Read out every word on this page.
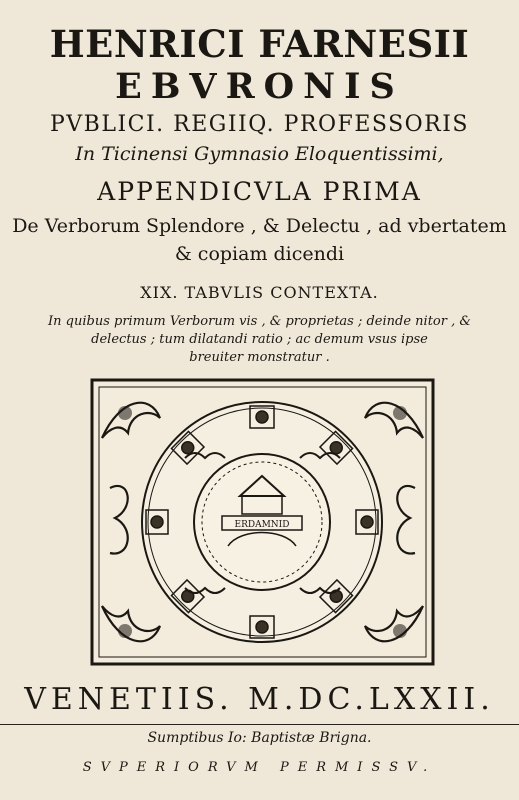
HENRICI FARNESII
EBVRONIS
PVBLICI. REGIIQ. PROFESSORIS
In Ticinensi Gymnasio Eloquentissimi,
APPENDICVLA PRIMA
De Verborum Splendore , & Delectu , ad vbertatem
& copiam dicendi
XIX. TABVLIS CONTEXTA.
In quibus primum Verborum vis , & proprietas ; deinde nitor , &
delectus ; tum dilatandi ratio ; ac demum vsus ipse
breuiter monstratur .
ERDAMNID
VENETIIS. M.DC.LXXII.
Sumptibus Io: Baptistæ Brigna.
SVPERIORVM PERMISSV.
